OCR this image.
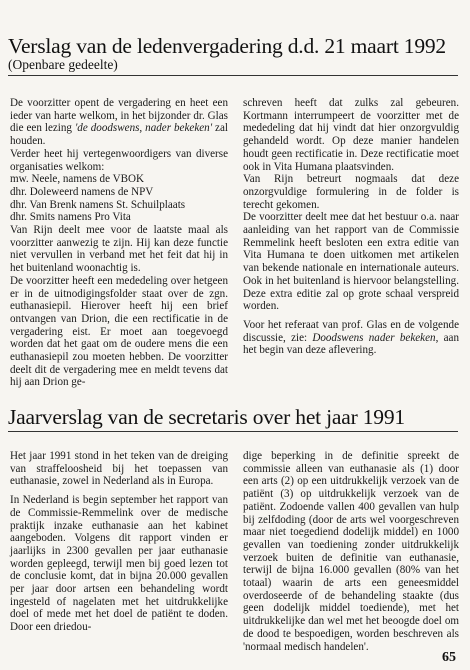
Verslag van de ledenvergadering d.d. 21 maart 1992
(Openbare gedeelte)

De voorzitter opent de vergadering en heet een ieder van harte welkom, in het bijzonder dr. Glas die een lezing 'de doodswens, nader bekeken' zal houden.

Verder heet hij vertegenwoordigers van diverse organisaties welkom:

mw. Neele, namens de VBOK

dhr. Doleweerd namens de NPV

dhr. Van Brenk namens St. Schuilplaats

dhr. Smits namens Pro Vita

Van Rijn deelt mee voor de laatste maal als voorzitter aanwezig te zijn. Hij kan deze functie niet vervullen in verband met het feit dat hij in het buitenland woonachtig is.

De voorzitter heeft een mededeling over hetgeen er in de uitnodigingsfolder staat over de zgn. euthanasiepil. Hierover heeft hij een brief ontvangen van Drion, die een rectificatie in de vergadering eist. Er moet aan toegevoegd worden dat het gaat om de oudere mens die een euthanasiepil zou moeten hebben. De voorzitter deelt dit de vergadering mee en meldt tevens dat hij aan Drion ge-

schreven heeft dat zulks zal gebeuren. Kortmann interrumpeert de voorzitter met de mededeling dat hij vindt dat hier onzorgvuldig gehandeld wordt. Op deze manier handelen houdt geen rectificatie in. Deze rectificatie moet ook in Vita Humana plaatsvinden.

Van Rijn betreurt nogmaals dat deze onzorgvuldige formulering in de folder is terecht gekomen.

De voorzitter deelt mee dat het bestuur o.a. naar aanleiding van het rapport van de Commissie Remmelink heeft besloten een extra editie van Vita Humana te doen uitkomen met artikelen van bekende nationale en internationale auteurs. Ook in het buitenland is hiervoor belangstelling. Deze extra editie zal op grote schaal verspreid worden.

Voor het referaat van prof. Glas en de volgende discussie, zie: Doodswens nader bekeken, aan het begin van deze aflevering.

Jaarverslag van de secretaris over het jaar 1991

Het jaar 1991 stond in het teken van de dreiging van straffeloosheid bij het toepassen van euthanasie, zowel in Nederland als in Europa.

In Nederland is begin september het rapport van de Commissie-Remmelink over de medische praktijk inzake euthanasie aan het kabinet aangeboden. Volgens dit rapport vinden er jaarlijks in 2300 gevallen per jaar euthanasie worden gepleegd, terwijl men bij goed lezen tot de conclusie komt, dat in bijna 20.000 gevallen per jaar door artsen een behandeling wordt ingesteld of nagelaten met het uitdrukkelijke doel of mede met het doel de patiënt te doden. Door een driedou-

dige beperking in de definitie spreekt de commissie alleen van euthanasie als (1) door een arts (2) op een uitdrukkelijk verzoek van de patiënt (3) op uitdrukkelijk verzoek van de patiënt. Zodoende vallen 400 gevallen van hulp bij zelfdoding (door de arts wel voorgeschreven maar niet toegediend dodelijk middel) en 1000 gevallen van toediening zonder uitdrukkelijk verzoek buiten de definitie van euthanasie, terwijl de bijna 16.000 gevallen (80% van het totaal) waarin de arts een geneesmiddel overdoseerde of de behandeling staakte (dus geen dodelijk middel toediende), met het uitdrukkelijke dan wel met het beoogde doel om de dood te bespoedigen, worden beschreven als 'normaal medisch handelen'.

65
